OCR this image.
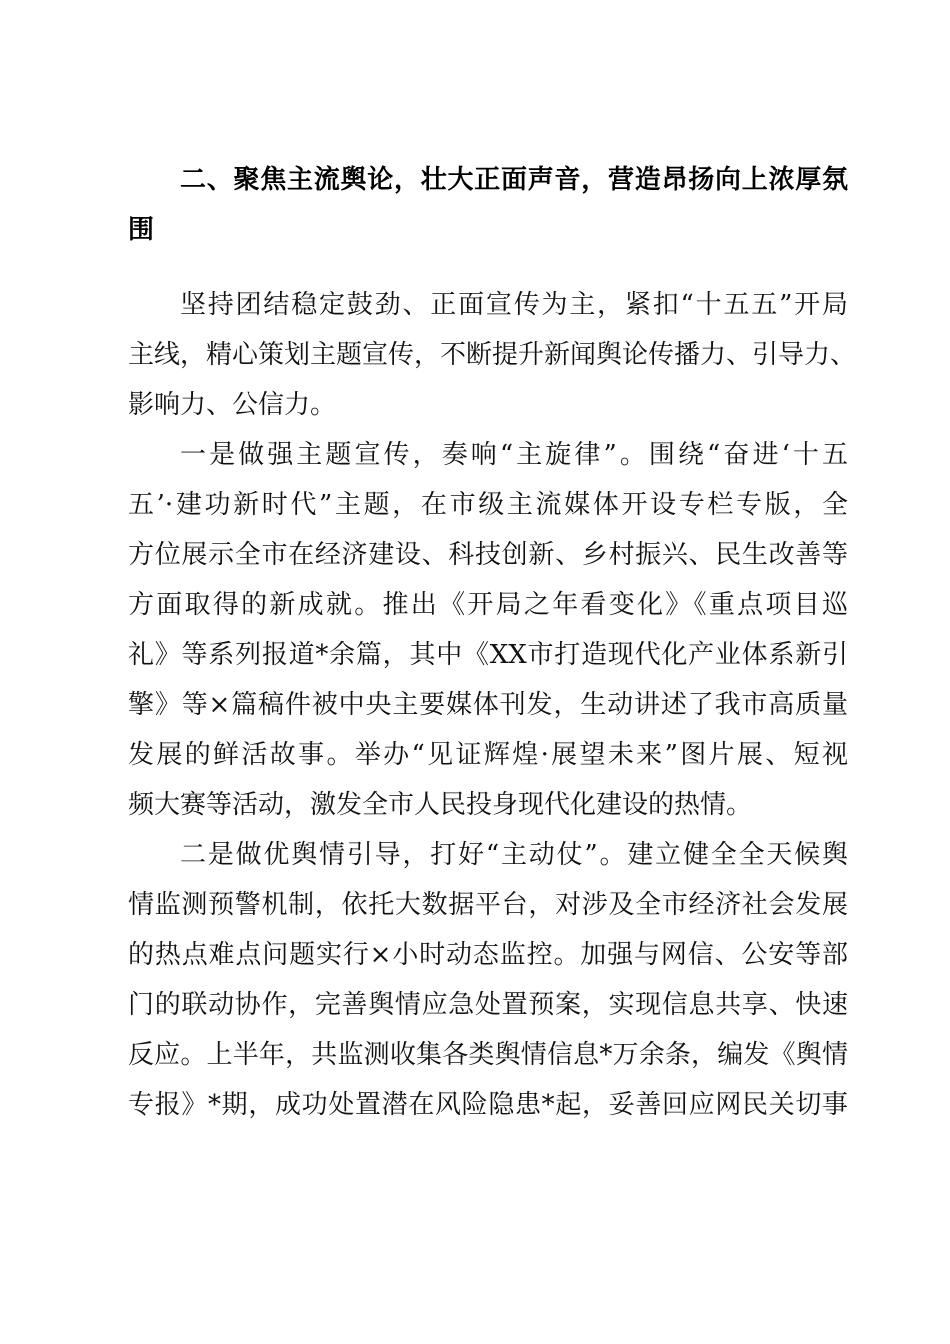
二、聚焦主流舆论，壮大正面声音，营造昂扬向上浓厚氛
围
坚持团结稳定鼓劲、正面宣传为主，紧扣“十五五”开局
主线，精心策划主题宣传，不断提升新闻舆论传播力、引导力、
影响力、公信力。
一是做强主题宣传，奏响“主旋律”。围绕“奋进‘十五
五’·建功新时代”主题，在市级主流媒体开设专栏专版，全
方位展示全市在经济建设、科技创新、乡村振兴、民生改善等
方面取得的新成就。推出《开局之年看变化》《重点项目巡
礼》等系列报道*余篇，其中《XX市打造现代化产业体系新引
擎》等×篇稿件被中央主要媒体刊发，生动讲述了我市高质量
发展的鲜活故事。举办“见证辉煌·展望未来”图片展、短视
频大赛等活动，激发全市人民投身现代化建设的热情。
二是做优舆情引导，打好“主动仗”。建立健全全天候舆
情监测预警机制，依托大数据平台，对涉及全市经济社会发展
的热点难点问题实行×小时动态监控。加强与网信、公安等部
门的联动协作，完善舆情应急处置预案，实现信息共享、快速
反应。上半年，共监测收集各类舆情信息*万余条，编发《舆情
专报》*期，成功处置潜在风险隐患*起，妥善回应网民关切事
